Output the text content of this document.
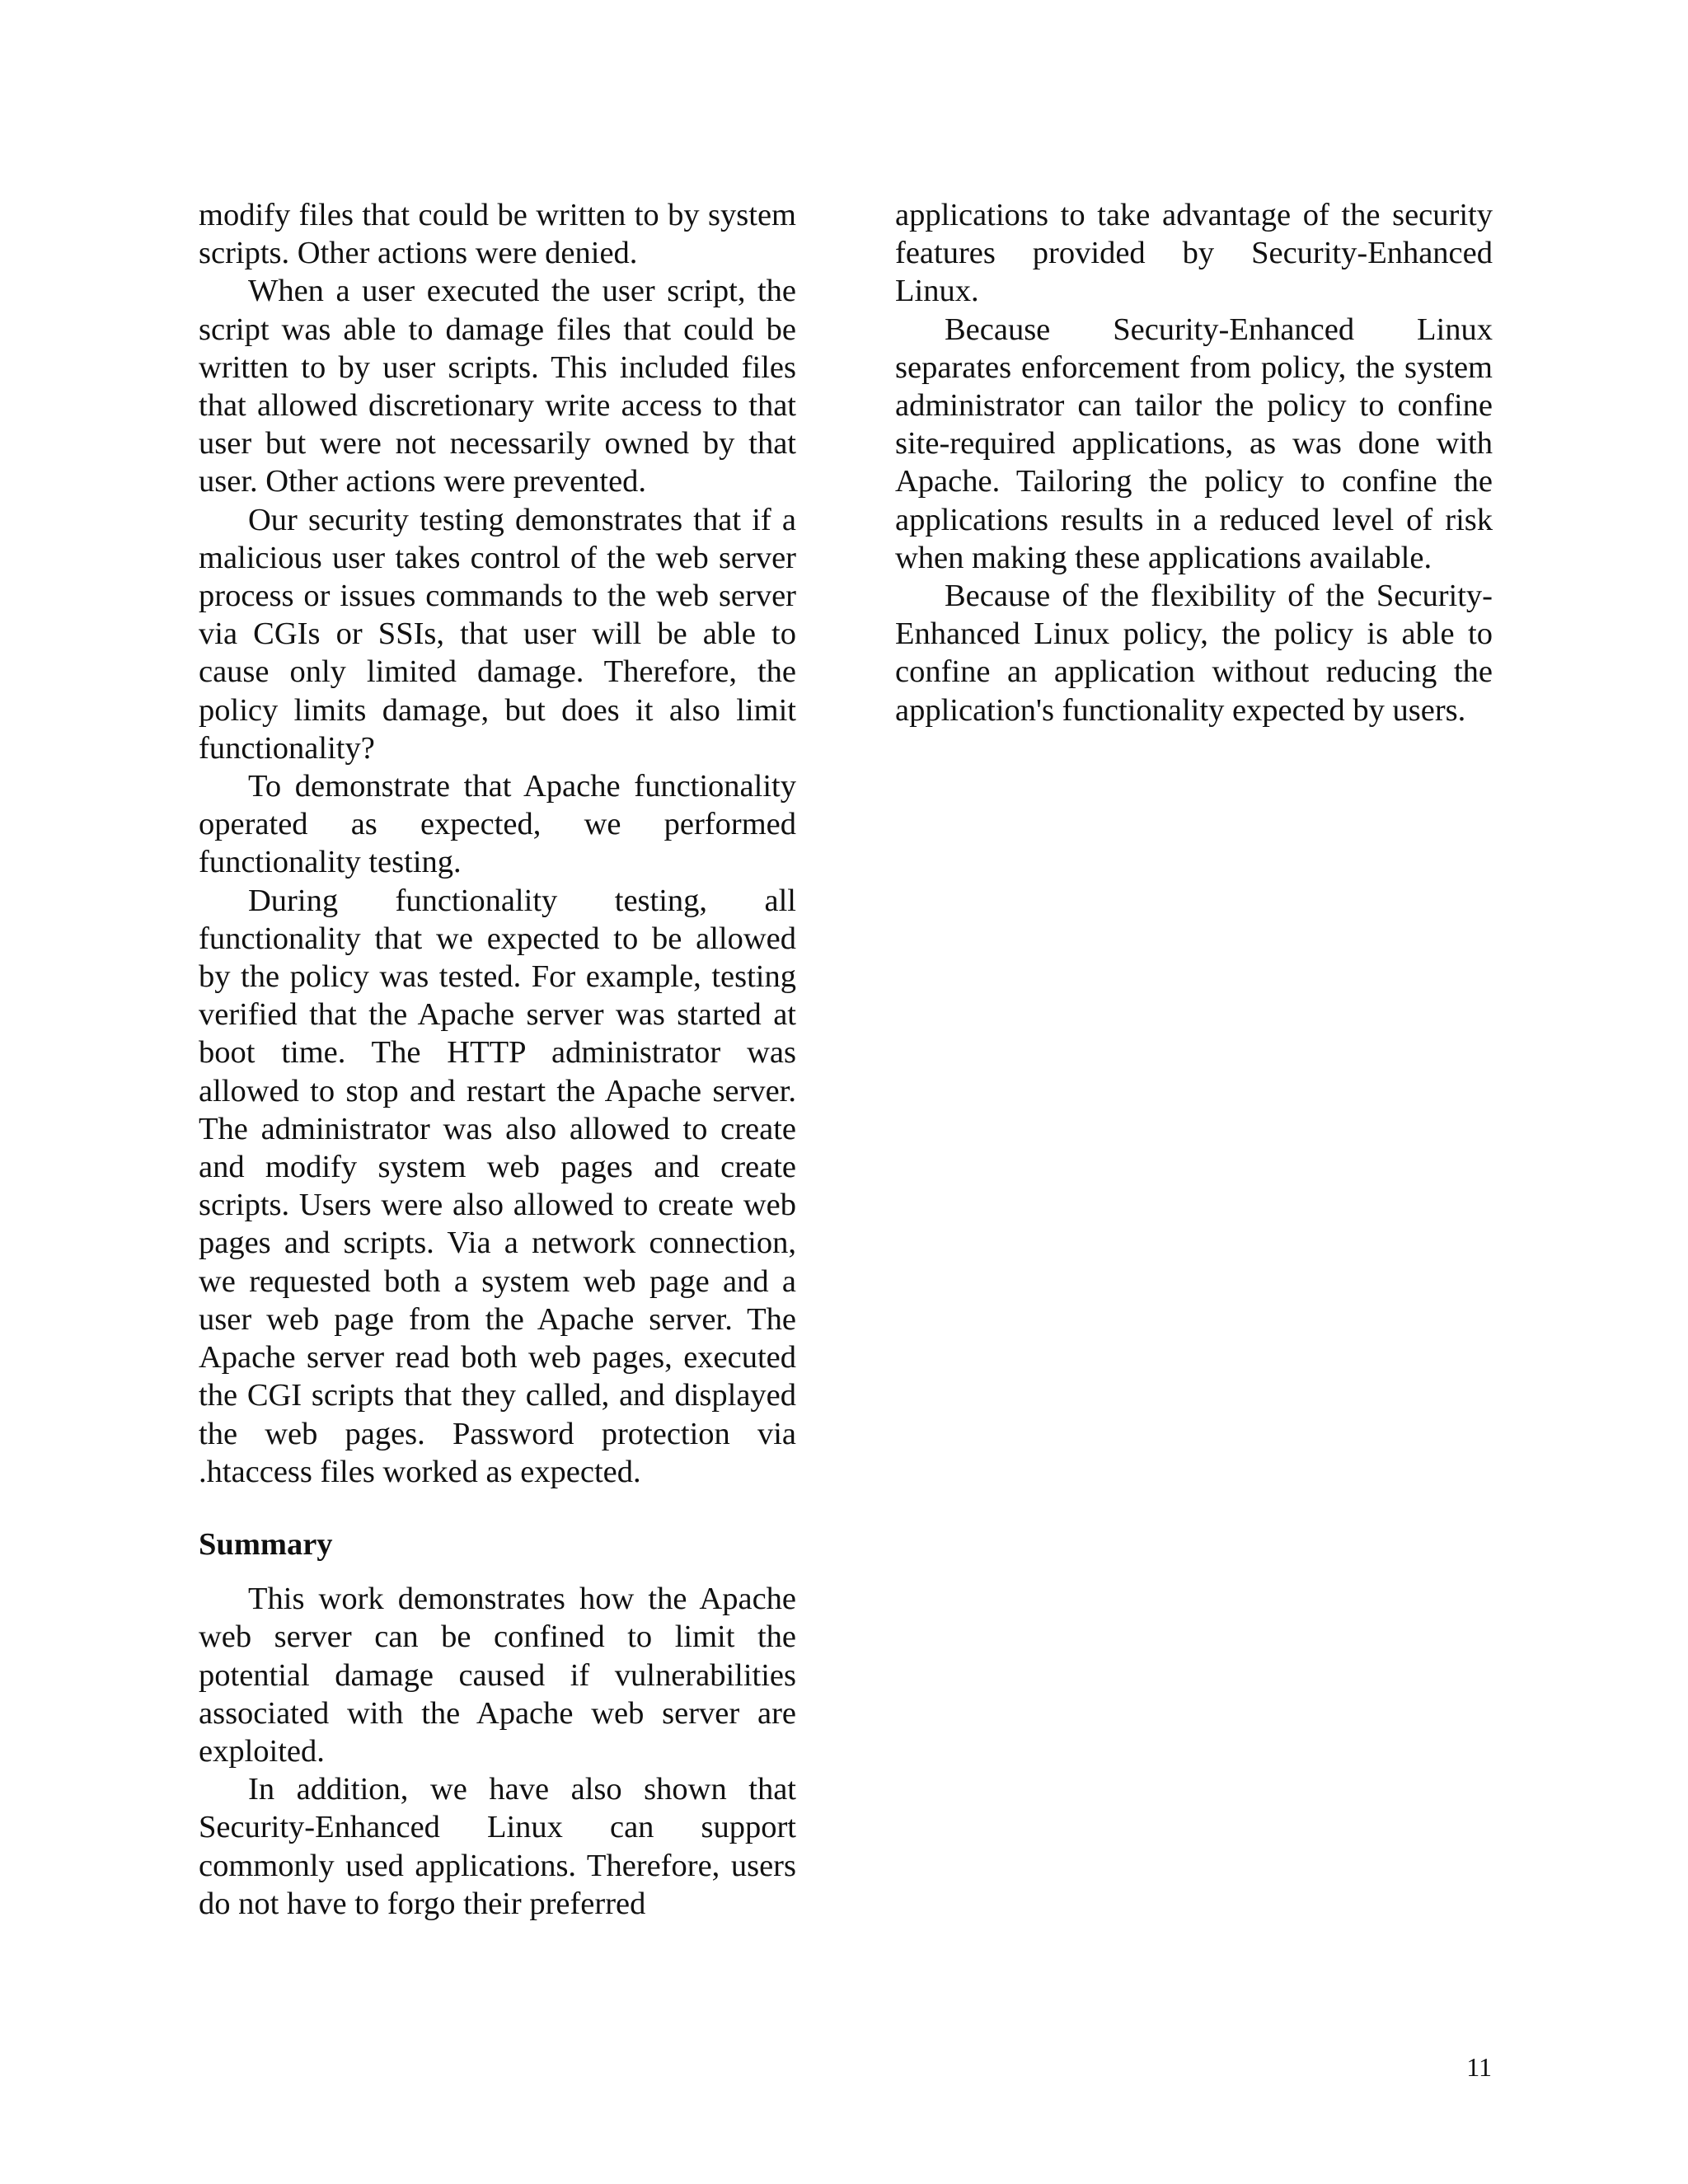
modify files that could be written to by system scripts. Other actions were denied.

When a user executed the user script, the script was able to damage files that could be written to by user scripts. This included files that allowed discretionary write access to that user but were not necessarily owned by that user. Other actions were prevented.

Our security testing demonstrates that if a malicious user takes control of the web server process or issues commands to the web server via CGIs or SSIs, that user will be able to cause only limited damage. Therefore, the policy limits damage, but does it also limit functionality?

To demonstrate that Apache functionality operated as expected, we performed functionality testing.

During functionality testing, all functionality that we expected to be allowed by the policy was tested. For example, testing verified that the Apache server was started at boot time. The HTTP administrator was allowed to stop and restart the Apache server. The administrator was also allowed to create and modify system web pages and create scripts. Users were also allowed to create web pages and scripts. Via a network connection, we requested both a system web page and a user web page from the Apache server. The Apache server read both web pages, executed the CGI scripts that they called, and displayed the web pages. Password protection via .htaccess files worked as expected.

Summary

This work demonstrates how the Apache web server can be confined to limit the potential damage caused if vulnerabilities associated with the Apache web server are exploited.

In addition, we have also shown that Security-Enhanced Linux can support commonly used applications. Therefore, users do not have to forgo their preferred

applications to take advantage of the security features provided by Security-Enhanced Linux.

Because Security-Enhanced Linux separates enforcement from policy, the system administrator can tailor the policy to confine site-required applications, as was done with Apache. Tailoring the policy to confine the applications results in a reduced level of risk when making these applications available.

Because of the flexibility of the Security-Enhanced Linux policy, the policy is able to confine an application without reducing the application's functionality expected by users.

11
